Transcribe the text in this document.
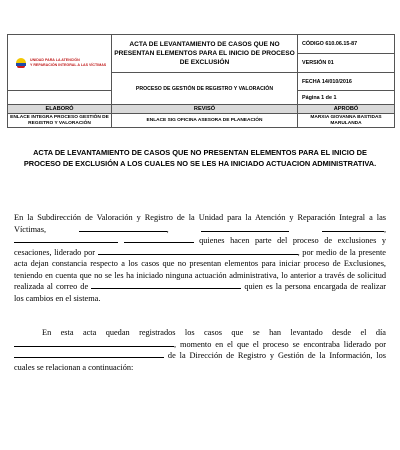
UNIDAD PARA LA ATENCIÓN
Y REPARACIÓN INTEGRAL A LAS VÍCTIMAS	ACTA DE LEVANTAMIENTO DE CASOS QUE NO PRESENTAN ELEMENTOS PARA EL INICIO DE PROCESO DE EXCLUSIÓN	CÓDIGO 610.06.15-87
		VERSIÓN 01
	PROCESO DE GESTIÓN DE REGISTRO Y VALORACIÓN	FECHA 14/010/2016
		Página 1 de 1
ELABORÓ	REVISÓ	APROBÓ
ENLACE INTEGRA PROCESO GESTIÓN DE REGISTRO Y VALORACIÓN	ENLACE SIG OFICINA ASESORA DE PLANEACIÓN	MARXIA GIOVANNA BASTIDAS MARULANDA
ACTA DE LEVANTAMIENTO DE CASOS QUE NO PRESENTAN ELEMENTOS PARA EL INICIO DE PROCESO DE EXCLUSIÓN A LOS CUALES NO SE LES HA INICIADO ACTUACION ADMINISTRATIVA.
En la Subdirección de Valoración y Registro de la Unidad para la Atención y Reparación Integral a las Víctimas,	,	,   quienes hacen parte del proceso de exclusiones y cesaciones, liderado por	, por medio de la presente acta dejan constancia respecto a los casos que no presentan elementos para iniciar proceso de Exclusiones, teniendo en cuenta que no se les ha iniciado ninguna actuación administrativa, lo anterior a través de solicitud realizada al correo de	quien es la persona encargada de realizar los cambios en el sistema.
En esta acta quedan registrados los casos que se han levantado desde el día , momento en el que el proceso se encontraba liderado por  de la Dirección de Registro y Gestión de la Información, los cuales se relacionan a continuación:
